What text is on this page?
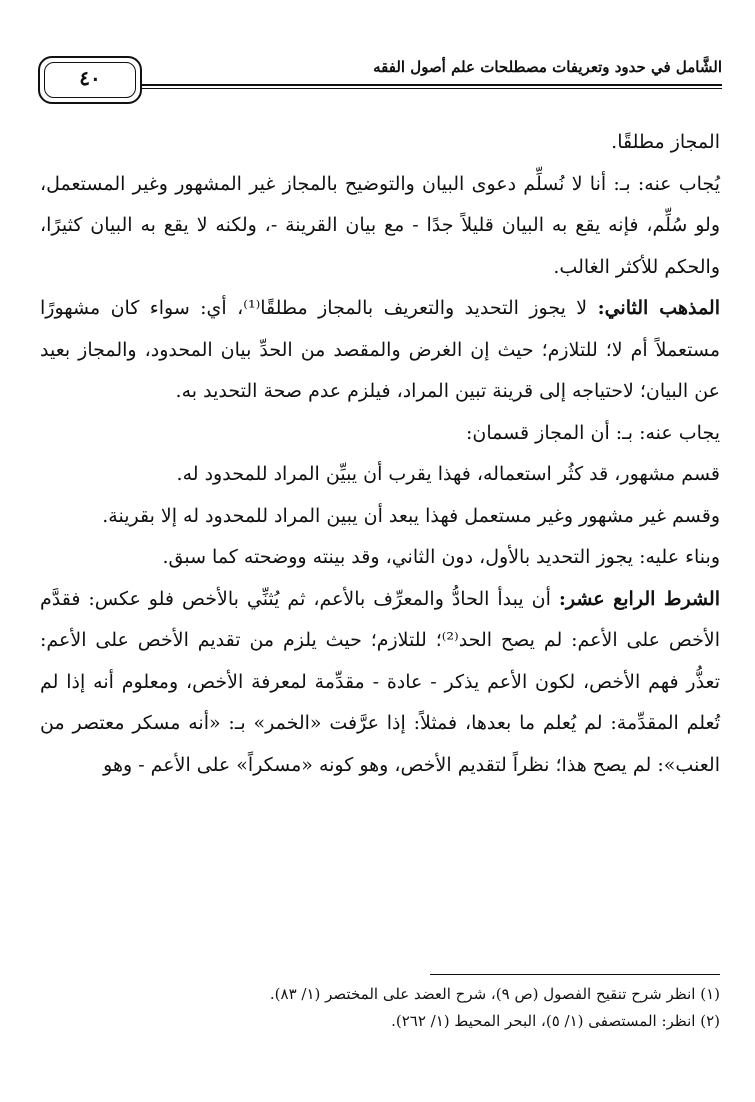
الشَّامل في حدود وتعريفات مصطلحات علم أصول الفقه
٤٠

المجاز مطلقًا.

يُجاب عنه: بـ: أنا لا نُسلِّم دعوى البيان والتوضيح بالمجاز غير المشهور وغير المستعمل، ولو سُلِّم، فإنه يقع به البيان قليلاً جدًا - مع بيان القرينة -، ولكنه لا يقع به البيان كثيرًا، والحكم للأكثر الغالب.

المذهب الثاني: لا يجوز التحديد والتعريف بالمجاز مطلقًا⁽¹⁾، أي: سواء كان مشهورًا مستعملاً أم لا؛ للتلازم؛ حيث إن الغرض والمقصد من الحدِّ بيان المحدود، والمجاز بعيد عن البيان؛ لاحتياجه إلى قرينة تبين المراد، فيلزم عدم صحة التحديد به.

يجاب عنه: بـ: أن المجاز قسمان:

قسم مشهور، قد كثُر استعماله، فهذا يقرب أن يبيِّن المراد للمحدود له.

وقسم غير مشهور وغير مستعمل فهذا يبعد أن يبين المراد للمحدود له إلا بقرينة.

وبناء عليه: يجوز التحديد بالأول، دون الثاني، وقد بينته ووضحته كما سبق.

الشرط الرابع عشر: أن يبدأ الحادُّ والمعرِّف بالأعم، ثم يُثنِّي بالأخص فلو عكس: فقدَّم الأخص على الأعم: لم يصح الحد⁽²⁾؛ للتلازم؛ حيث يلزم من تقديم الأخص على الأعم: تعذُّر فهم الأخص، لكون الأعم يذكر - عادة - مقدِّمة لمعرفة الأخص، ومعلوم أنه إذا لم تُعلم المقدِّمة: لم يُعلم ما بعدها، فمثلاً: إذا عرَّفت «الخمر» بـ: «أنه مسكر معتصر من العنب»: لم يصح هذا؛ نظراً لتقديم الأخص، وهو كونه «مسكراً» على الأعم - وهو

(١) انظر شرح تنقيح الفصول (ص ٩)، شرح العضد على المختصر (١/ ٨٣).
(٢) انظر: المستصفى (١/ ٥)، البحر المحيط (١/ ٢٦٢).
